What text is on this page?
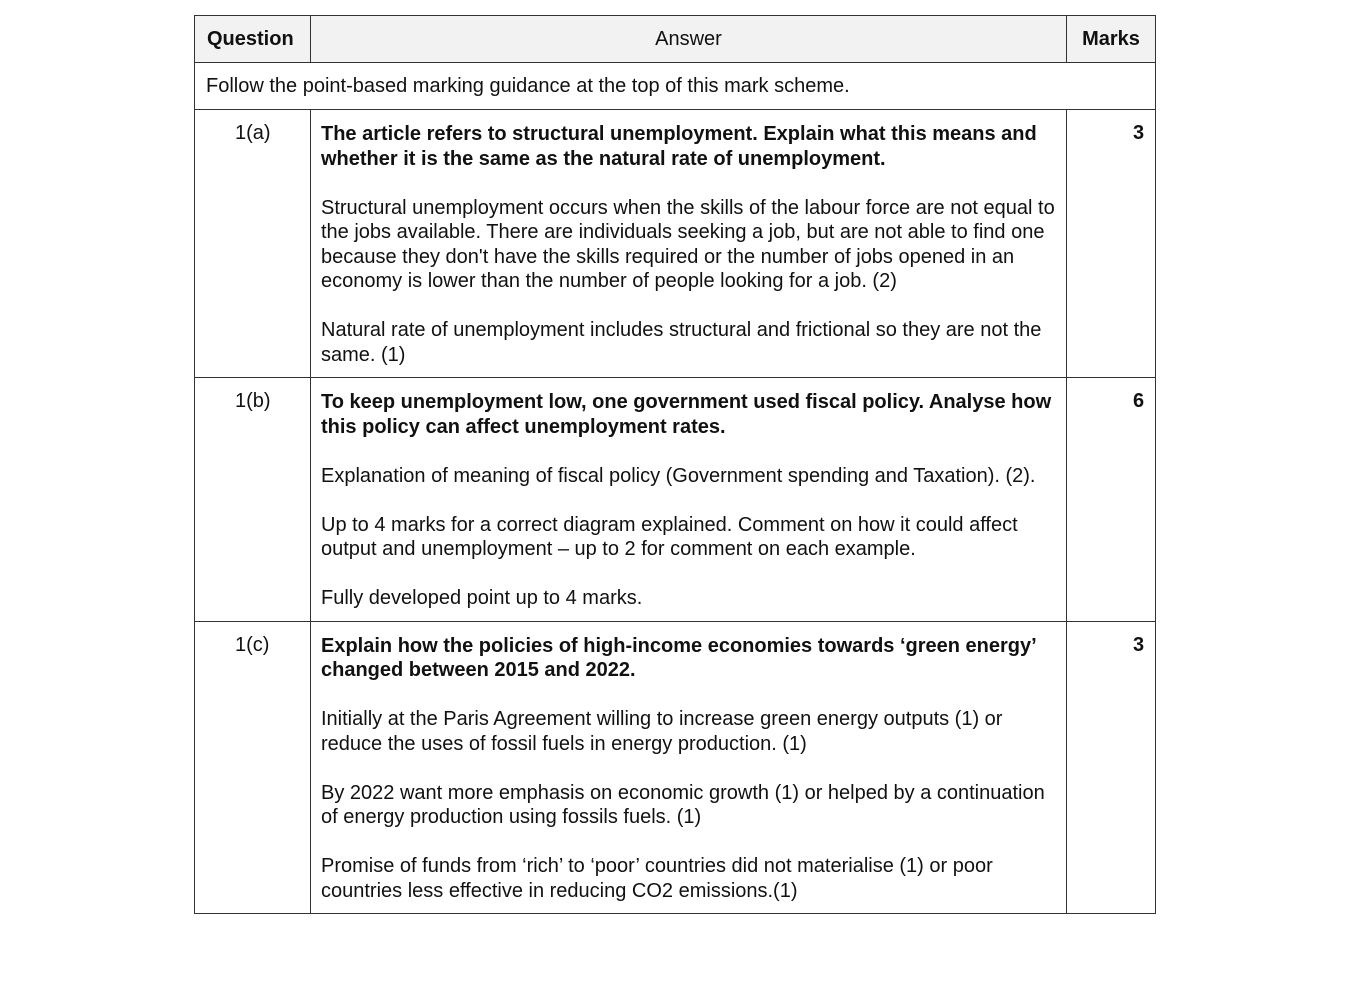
Question	Answer	Marks
Follow the point-based marking guidance at the top of this mark scheme.		
1(a)	The article refers to structural unemployment. Explain what this means and whether it is the same as the natural rate of unemployment.

Structural unemployment occurs when the skills of the labour force are not equal to the jobs available. There are individuals seeking a job, but are not able to find one because they don't have the skills required or the number of jobs opened in an economy is lower than the number of people looking for a job. (2)

Natural rate of unemployment includes structural and frictional so they are not the same. (1)	3
1(b)	To keep unemployment low, one government used fiscal policy. Analyse how this policy can affect unemployment rates.

Explanation of meaning of fiscal policy (Government spending and Taxation). (2).

Up to 4 marks for a correct diagram explained. Comment on how it could affect output and unemployment – up to 2 for comment on each example.

Fully developed point up to 4 marks.	6
1(c)	Explain how the policies of high-income economies towards ‘green energy’ changed between 2015 and 2022.

Initially at the Paris Agreement willing to increase green energy outputs (1) or reduce the uses of fossil fuels in energy production. (1)

By 2022 want more emphasis on economic growth (1) or helped by a continuation of energy production using fossils fuels. (1)

Promise of funds from ‘rich’ to ‘poor’ countries did not materialise (1) or poor countries less effective in reducing CO2 emissions.(1)	3
